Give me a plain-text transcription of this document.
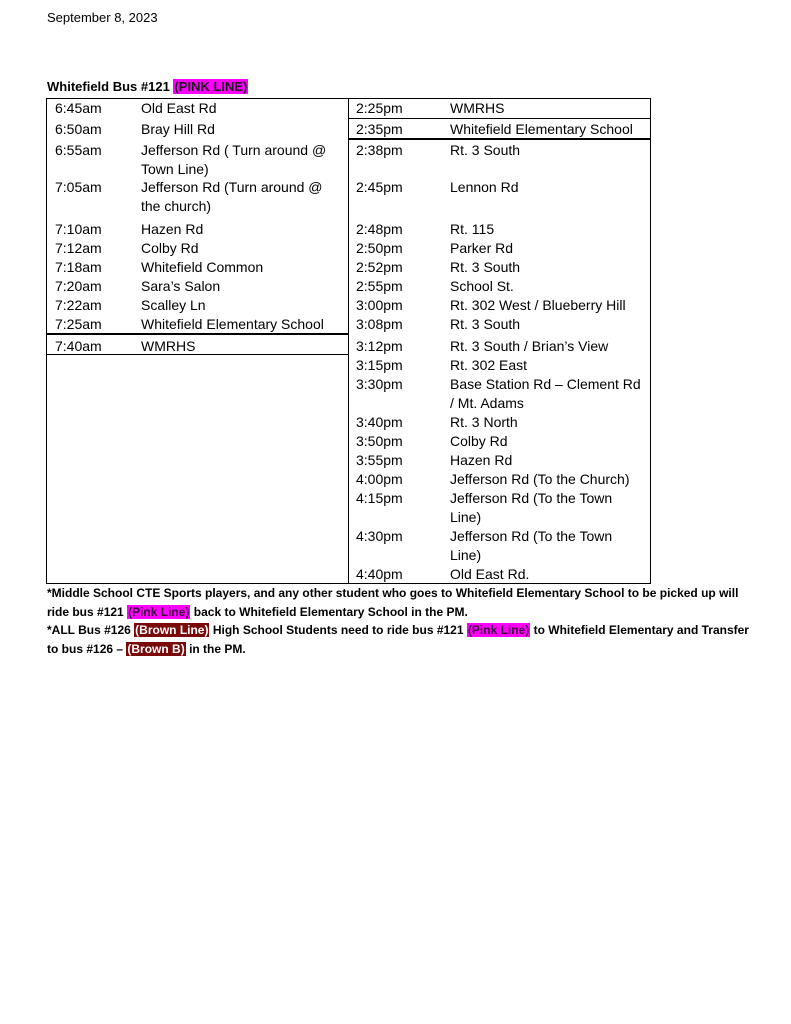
September 8, 2023
Whitefield Bus #121 (PINK LINE)
6:45am	Old East Rd
6:50am	Bray Hill Rd
6:55am	Jefferson Rd ( Turn around @
Town Line)
7:05am	Jefferson Rd (Turn around @
the church)
7:10am	Hazen Rd
7:12am	Colby Rd
7:18am	Whitefield Common
7:20am	Sara’s Salon
7:22am	Scalley Ln
7:25am	Whitefield Elementary School
7:40am	WMRHS
2:25pm	WMRHS
2:35pm	Whitefield Elementary School
2:38pm	Rt. 3 South
2:45pm	Lennon Rd
2:48pm	Rt. 115
2:50pm	Parker Rd
2:52pm	Rt. 3 South
2:55pm	School St.
3:00pm	Rt. 302 West / Blueberry Hill
3:08pm	Rt. 3 South
3:12pm	Rt. 3 South / Brian’s View
3:15pm	Rt. 302 East
3:30pm	Base Station Rd – Clement Rd
/ Mt. Adams
3:40pm	Rt. 3 North
3:50pm	Colby Rd
3:55pm	Hazen Rd
4:00pm	Jefferson Rd (To the Church)
4:15pm	Jefferson Rd (To the Town
Line)
4:30pm	Jefferson Rd (To the Town
Line)
4:40pm	Old East Rd.

*Middle School CTE Sports players, and any other student who goes to Whitefield Elementary School to be picked up will ride bus #121 (Pink Line) back to Whitefield Elementary School in the PM.

*ALL Bus #126 (Brown Line) High School Students need to ride bus #121 (Pink Line) to Whitefield Elementary and Transfer to bus #126 – (Brown B) in the PM.
